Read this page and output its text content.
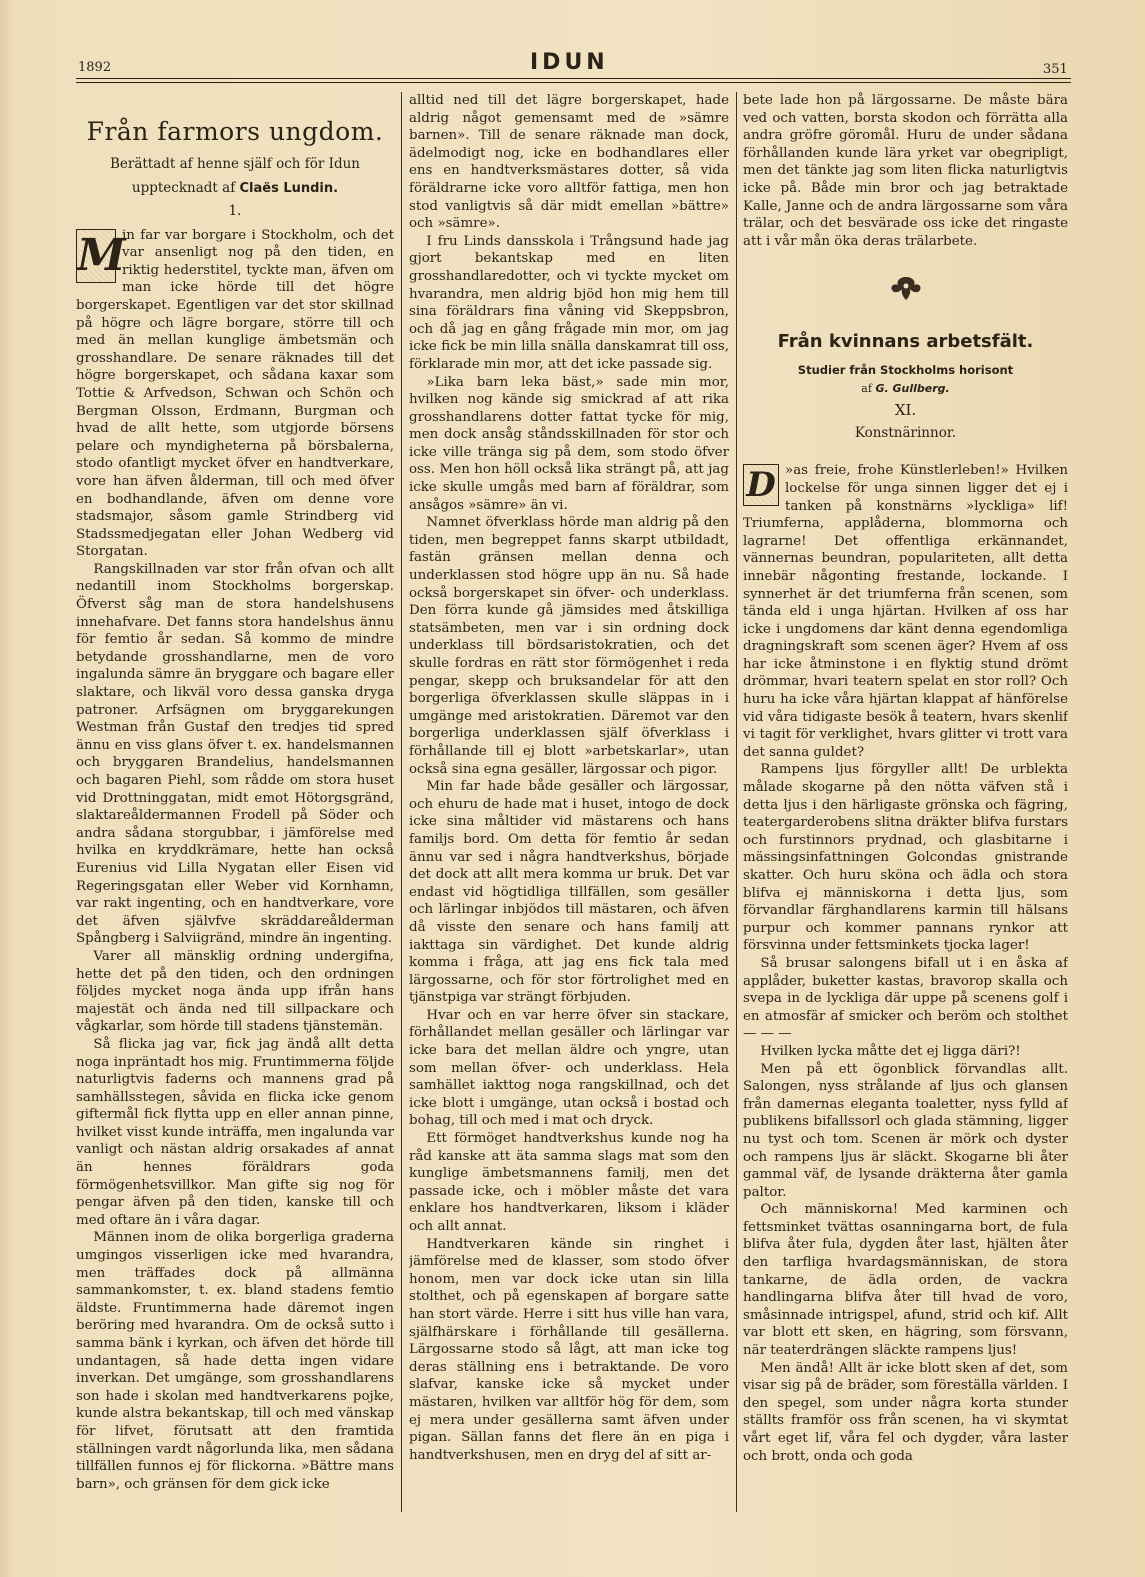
1892	IDUN	351
Från farmors ungdom.
Berättadt af henne själf och för Idun
upptecknadt af Claës Lundin.
1.
M

in far var borgare i Stockholm, och det var ansenligt nog på den tiden, en riktig hederstitel, tyckte man, äfven om man icke hörde till det högre borgerskapet. Egentligen var det stor skillnad på högre och lägre borgare, större till och med än mellan kunglige ämbetsmän och grosshandlare. De senare räknades till det högre borgerskapet, och sådana kaxar som Tottie & Arfvedson, Schwan och Schön och Bergman Olsson, Erdmann, Burgman och hvad de allt hette, som utgjorde börsens pelare och myndigheterna på börsbalerna, stodo ofantligt mycket öfver en handtverkare, vore han äfven ålderman, till och med öfver en bodhandlande, äfven om denne vore stadsmajor, såsom gamle Strindberg vid Stadssmedjegatan eller Johan Wedberg vid Storgatan.

Rangskillnaden var stor från ofvan och allt nedantill inom Stockholms borgerskap. Öfverst såg man de stora handelshusens innehafvare. Det fanns stora handelshus ännu för femtio år sedan. Så kommo de mindre betydande grosshandlarne, men de voro ingalunda sämre än bryggare och bagare eller slaktare, och likväl voro dessa ganska dryga patroner. Arfsägnen om bryggarekungen Westman från Gustaf den tredjes tid spred ännu en viss glans öfver t. ex. handelsmannen och bryggaren Brandelius, handelsmannen och bagaren Piehl, som rådde om stora huset vid Drottninggatan, midt emot Hötorgsgränd, slaktareåldermannen Frodell på Söder och andra sådana storgubbar, i jämförelse med hvilka en kryddkrämare, hette han också Eurenius vid Lilla Nygatan eller Eisen vid Regeringsgatan eller Weber vid Kornhamn, var rakt ingenting, och en handtverkare, vore det äfven självfve skräddareålderman Spångberg i Salviigränd, mindre än ingenting.

Varer all mänsklig ordning undergifna, hette det på den tiden, och den ordningen följdes mycket noga ända upp ifrån hans majestät och ända ned till sillpackare och vågkarlar, som hörde till stadens tjänstemän.

Så flicka jag var, fick jag ändå allt detta noga inpräntadt hos mig. Fruntimmerna följde naturligtvis faderns och mannens grad på samhällsstegen, såvida en flicka icke genom giftermål fick flytta upp en eller annan pinne, hvilket visst kunde inträffa, men ingalunda var vanligt och nästan aldrig orsakades af annat än hennes föräldrars goda förmögenhetsvillkor. Man gifte sig nog för pengar äfven på den tiden, kanske till och med oftare än i våra dagar.

Männen inom de olika borgerliga graderna umgingos visserligen icke med hvarandra, men träffades dock på allmänna sammankomster, t. ex. bland stadens femtio äldste. Fruntimmerna hade däremot ingen beröring med hvarandra. Om de också sutto i samma bänk i kyrkan, och äfven det hörde till undantagen, så hade detta ingen vidare inverkan. Det umgänge, som grosshandlarens son hade i skolan med handtverkarens pojke, kunde alstra bekantskap, till och med vänskap för lifvet, förutsatt att den framtida ställningen vardt någorlunda lika, men sådana tillfällen funnos ej för flickorna. »Bättre mans barn», och gränsen för dem gick icke

alltid ned till det lägre borgerskapet, hade aldrig något gemensamt med de »sämre barnen». Till de senare räknade man dock, ädelmodigt nog, icke en bodhandlares eller ens en handtverksmästares dotter, så vida föräldrarne icke voro alltför fattiga, men hon stod vanligtvis så där midt emellan »bättre» och »sämre».

I fru Linds dansskola i Trångsund hade jag gjort bekantskap med en liten grosshandlaredotter, och vi tyckte mycket om hvarandra, men aldrig bjöd hon mig hem till sina föräldrars fina våning vid Skeppsbron, och då jag en gång frågade min mor, om jag icke fick be min lilla snälla danskamrat till oss, förklarade min mor, att det icke passade sig.

»Lika barn leka bäst,» sade min mor, hvilken nog kände sig smickrad af att rika grosshandlarens dotter fattat tycke för mig, men dock ansåg ståndsskillnaden för stor och icke ville tränga sig på dem, som stodo öfver oss. Men hon höll också lika strängt på, att jag icke skulle umgås med barn af föräldrar, som ansågos »sämre» än vi.

Namnet öfverklass hörde man aldrig på den tiden, men begreppet fanns skarpt utbildadt, fastän gränsen mellan denna och underklassen stod högre upp än nu. Så hade också borgerskapet sin öfver- och underklass. Den förra kunde gå jämsides med åtskilliga statsämbeten, men var i sin ordning dock underklass till bördsaristokratien, och det skulle fordras en rätt stor förmögenhet i reda pengar, skepp och bruksandelar för att den borgerliga öfverklassen skulle släppas in i umgänge med aristokratien. Däremot var den borgerliga underklassen själf öfverklass i förhållande till ej blott »arbetskarlar», utan också sina egna gesäller, lärgossar och pigor.

Min far hade både gesäller och lärgossar, och ehuru de hade mat i huset, intogo de dock icke sina måltider vid mästarens och hans familjs bord. Om detta för femtio år sedan ännu var sed i några handtverkshus, började det dock att allt mera komma ur bruk. Det var endast vid högtidliga tillfällen, som gesäller och lärlingar inbjödos till mästaren, och äfven då visste den senare och hans familj att iakttaga sin värdighet. Det kunde aldrig komma i fråga, att jag ens fick tala med lärgossarne, och för stor förtrolighet med en tjänstpiga var strängt förbjuden.

Hvar och en var herre öfver sin stackare, förhållandet mellan gesäller och lärlingar var icke bara det mellan äldre och yngre, utan som mellan öfver- och underklass. Hela samhället iakttog noga rangskillnad, och det icke blott i umgänge, utan också i bostad och bohag, till och med i mat och dryck.

Ett förmöget handtverkshus kunde nog ha råd kanske att äta samma slags mat som den kunglige ämbetsmannens familj, men det passade icke, och i möbler måste det vara enklare hos handtverkaren, liksom i kläder och allt annat.

Handtverkaren kände sin ringhet i jämförelse med de klasser, som stodo öfver honom, men var dock icke utan sin lilla stolthet, och på egenskapen af borgare satte han stort värde. Herre i sitt hus ville han vara, själfhärskare i förhållande till gesällerna. Lärgossarne stodo så lågt, att man icke tog deras ställning ens i betraktande. De voro slafvar, kanske icke så mycket under mästaren, hvilken var alltför hög för dem, som ej mera under gesällerna samt äfven under pigan. Sällan fanns det flere än en piga i handtverkshusen, men en dryg del af sitt ar-

bete lade hon på lärgossarne. De måste bära ved och vatten, borsta skodon och förrätta alla andra gröfre göromål. Huru de under sådana förhållanden kunde lära yrket var obegripligt, men det tänkte jag som liten flicka naturligtvis icke på. Både min bror och jag betraktade Kalle, Janne och de andra lärgossarne som våra trälar, och det besvärade oss icke det ringaste att i vår mån öka deras trälarbete.

Från kvinnans arbetsfält.
Studier från Stockholms horisont
af G. Gullberg.
XI.
Konstnärinnor.
D »as freie, frohe Künstlerleben!» Hvilken lockelse för unga sinnen ligger det ej i tanken på konstnärns »lyckliga» lif! Triumferna, applåderna, blommorna och lagrarne! Det offentliga erkännandet, vännernas beundran, populariteten, allt detta innebär någonting frestande, lockande. I synnerhet är det triumferna från scenen, som tända eld i unga hjärtan. Hvilken af oss har icke i ungdomens dar känt denna egendomliga dragningskraft som scenen äger? Hvem af oss har icke åtminstone i en flyktig stund drömt drömmar, hvari teatern spelat en stor roll? Och huru ha icke våra hjärtan klappat af hänförelse vid våra tidigaste besök å teatern, hvars skenlif vi tagit för verklighet, hvars glitter vi trott vara det sanna guldet?

Rampens ljus förgyller allt! De urblekta målade skogarne på den nötta väfven stå i detta ljus i den härligaste grönska och fägring, teatergarderobens slitna dräkter blifva furstars och furstinnors prydnad, och glasbitarne i mässingsinfattningen Golcondas gnistrande skatter. Och huru sköna och ädla och stora blifva ej människorna i detta ljus, som förvandlar färghandlarens karmin till hälsans purpur och kommer pannans rynkor att försvinna under fettsminkets tjocka lager!

Så brusar salongens bifall ut i en åska af applåder, buketter kastas, bravorop skalla och svepa in de lyckliga där uppe på scenens golf i en atmosfär af smicker och beröm och stolthet — — —

Hvilken lycka måtte det ej ligga däri?!

Men på ett ögonblick förvandlas allt. Salongen, nyss strålande af ljus och glansen från damernas eleganta toaletter, nyss fylld af publikens bifallssorl och glada stämning, ligger nu tyst och tom. Scenen är mörk och dyster och rampens ljus är släckt. Skogarne bli åter gammal väf, de lysande dräkterna åter gamla paltor.

Och människorna! Med karminen och fettsminket tvättas osanningarna bort, de fula blifva åter fula, dygden åter last, hjälten åter den tarfliga hvardagsmänniskan, de stora tankarne, de ädla orden, de vackra handlingarna blifva åter till hvad de voro, småsinnade intrigspel, afund, strid och kif. Allt var blott ett sken, en hägring, som försvann, när teaterdrängen släckte rampens ljus!

Men ändå! Allt är icke blott sken af det, som visar sig på de bräder, som föreställa världen. I den spegel, som under några korta stunder ställts framför oss från scenen, ha vi skymtat vårt eget lif, våra fel och dygder, våra laster och brott, onda och goda
